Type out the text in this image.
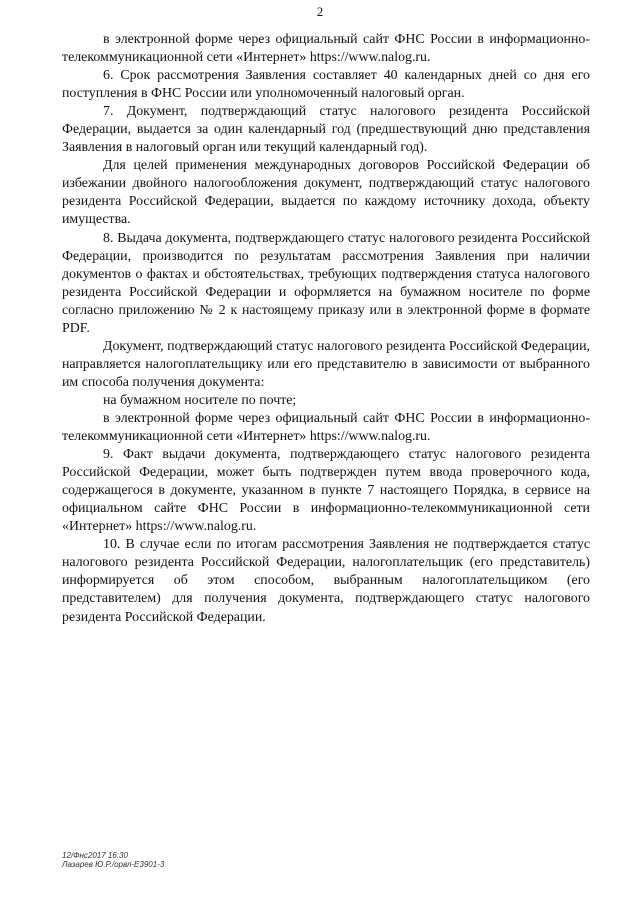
2

в электронной форме через официальный сайт ФНС России в информационно-телекоммуникационной сети «Интернет» https://www.nalog.ru.

6. Срок рассмотрения Заявления составляет 40 календарных дней со дня его поступления в ФНС России или уполномоченный налоговый орган.

7. Документ, подтверждающий статус налогового резидента Российской Федерации, выдается за один календарный год (предшествующий дню представления Заявления в налоговый орган или текущий календарный год).

Для целей применения международных договоров Российской Федерации об избежании двойного налогообложения документ, подтверждающий статус налогового резидента Российской Федерации, выдается по каждому источнику дохода, объекту имущества.

8. Выдача документа, подтверждающего статус налогового резидента Российской Федерации, производится по результатам рассмотрения Заявления при наличии документов о фактах и обстоятельствах, требующих подтверждения статуса налогового резидента Российской Федерации и оформляется на бумажном носителе по форме согласно приложению № 2 к настоящему приказу или в электронной форме в формате PDF.

Документ, подтверждающий статус налогового резидента Российской Федерации, направляется налогоплательщику или его представителю в зависимости от выбранного им способа получения документа:

на бумажном носителе по почте;

в электронной форме через официальный сайт ФНС России в информационно-телекоммуникационной сети «Интернет» https://www.nalog.ru.

9. Факт выдачи документа, подтверждающего статус налогового резидента Российской Федерации, может быть подтвержден путем ввода проверочного кода, содержащегося в документе, указанном в пункте 7 настоящего Порядка, в сервисе на официальном сайте ФНС России в информационно-телекоммуникационной сети «Интернет» https://www.nalog.ru.

10. В случае если по итогам рассмотрения Заявления не подтверждается статус налогового резидента Российской Федерации, налогоплательщик (его представитель) информируется об этом способом, выбранным налогоплательщиком (его представителем) для получения документа, подтверждающего статус налогового резидента Российской Федерации.

12/Фнс2017 16:30
Лазарев Ю.Р./орвл-Е3901-3
